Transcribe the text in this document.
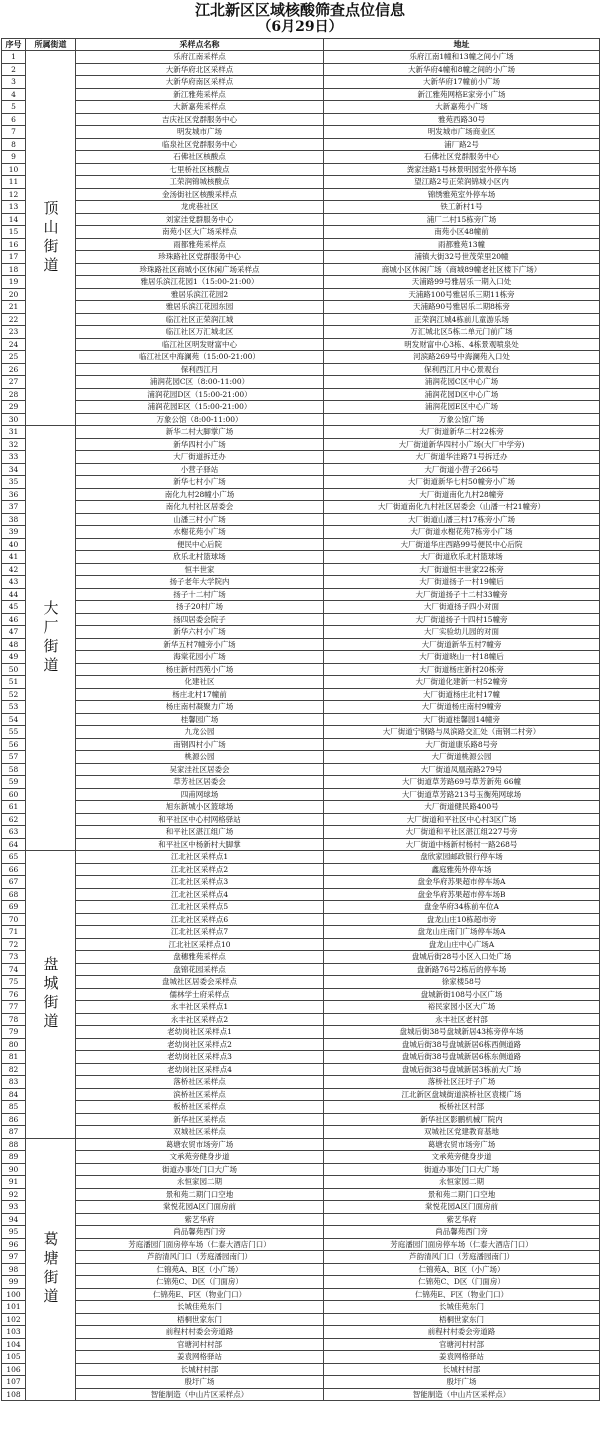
江北新区区域核酸筛查点位信息
（6月29日）
序号	所属街道	采样点名称	地址
1	顶山街道	乐府江南采样点	乐府江南1幢和13幢之间小广场
2		大新华府北区采样点	大新华府4幢和8幢之间的小广场
3		大新华府南区采样点	大新华府17幢前小广场
4		新江雅苑采样点	新江雅苑网格E家旁小广场
5		大新嘉苑采样点	大新嘉苑小广场
6		吉庆社区党群服务中心	雅苑西路30号
7		明发城市广场	明发城市广场商业区
8		临泉社区党群服务中心	浦厂路2号
9		石佛社区核酸点	石佛社区党群服务中心
10		七里桥社区核酸点	粪家洼路1号林景明园室外停车场
11		工荣润锦城核酸点	望江路2号正荣润锦城小区内
12		金汤街社区核酸采样点	锦绣雅苑室外停车场
13		龙虎巷社区	铁工新村1号
14		刘家洼党群服务中心	浦厂二村15栋旁广场
15		南苑小区大广场采样点	南苑小区48幢前
16		雨都雅苑采样点	雨都雅苑13幢
17		珍珠路社区党群服务中心	浦镇大街32号世茂荣里20幢
18		珍珠路社区商城小区休闲广场采样点	商城小区休闲广场（商城89幢老社区楼下广场）
19		雅居乐滨江花园1（15:00-21:00）	天浦路99号雅居乐一期入口处
20		雅居乐滨江花园2	天浦路100号雅居乐三期11栋旁
21		雅居乐滨江花园东园	天浦路90号雅居乐二期8栋旁
22		临江社区正荣润江城	正荣润江城4栋前儿童游乐场
23		临江社区万汇城北区	万汇城北区5栋二单元门前广场
24		临江社区明发财富中心	明发财富中心3栋、4栋景观喷泉处
25		临江社区中海澜苑（15:00-21:00）	河滨路269号中海澜苑入口处
26		保利西江月	保利西江月中心景观台
27		浦润花园C区（8:00-11:00）	浦润花园C区中心广场
28		浦润花园D区（15:00-21:00）	浦润花园D区中心广场
29		浦润花园E区（15:00-21:00）	浦润花园E区中心广场
30		万象公馆（8:00-11:00）	万象公馆广场
31	大厂街道	新华二村大脚掌广场	大厂街道新华二村22栋旁
32		新华四村小广场	大厂街道新华四村小广场(大厂中学旁)
33		大厂街道拆迁办	大厂街道华洼路71号拆迁办
34		小营子驿站	大厂街道小营子266号
35		新华七村小广场	大厂街道新华七村50幢旁小广场
36		南化九村28幢小广场	大厂街道南化九村28幢旁
37		南化九村社区居委会	大厂街道南化九村社区居委会（山潘一村21幢旁）
38		山潘三村小广场	大厂街道山潘三村17栋旁小广场
39		水榭花苑小广场	大厂街道水榭花苑7栋旁小广场
40		便民中心后院	大厂街道华庄西路99号便民中心后院
41		欣乐北村篮球场	大厂街道欣乐北村篮球场
42		恒丰世家	大厂街道恒丰世家22栋旁
43		扬子老年大学院内	大厂街道扬子一村19幢后
44		扬子十二村广场	大厂街道扬子十二村33幢旁
45		扬子20村广场	大厂街道扬子四小对面
46		扬四居委会院子	大厂街道扬子十四村15幢旁
47		新华六村小广场	大厂实验幼儿园的对面
48		新华五村7幢旁小广场	大厂街道新华五村7幢旁
49		海棠花园小广场	大厂街道晓山一村18幢后
50		杨庄新村西苑小广场	大厂街道杨庄新村20栋旁
51		化建社区	大厂街道化建新一村52幢旁
52		杨庄北村17幢前	大厂街道杨庄北村17幢
53		杨庄南村凝聚力广场	大厂街道杨庄南村9幢旁
54		桂馨园广场	大厂街道桂馨园14幢旁
55		九龙公园	大厂街道宁钢路与凤滨路交汇处（南钢二村旁）
56		南钢四村小广场	大厂街道康乐路8号旁
57		桃源公园	大厂街道桃源公园
58		吴家洼社区居委会	大厂街道凤凰南路279号
59		草芳社区居委会	大厂街道草芳路69号草芳新苑 66幢
60		四甫网球场	大厂街道草芳路213号玉衡苑网球场
61		旭东新城小区篮球场	大厂街道健民路400号
62		和平社区中心村网格驿站	大厂街道和平社区中心村3区广场
63		和平社区湛江组广场	大厂街道和平社区湛江组227号旁
64		和平社区中杨新村大脚掌	大厂街道中杨新村杨村一路268号
65	盘城街道	江北社区采样点1	盘欣家园邮政银行停车场
66		江北社区采样点2	鑫庭雅苑外停车场
67		江北社区采样点3	盘金华府苏果超市停车场A
68		江北社区采样点4	盘金华府苏果超市停车场B
69		江北社区采样点5	盘金华府34栋前车位A
70		江北社区采样点6	盘龙山庄10栋超市旁
71		江北社区采样点7	盘龙山庄南门广场停车场A
72		江北社区采样点10	盘龙山庄中心广场A
73		盘穗雅苑采样点	盘城后街28号小区入口处广场
74		盘锦花园采样点	盘新路76号2栋后的停车场
75		盘城社区居委会采样点	徐家楼58号
76		儒林学士府采样点	盘城新街108号小区广场
77		永丰社区采样点1	裕民家园小区大广场
78		永丰社区采样点2	永丰社区老村部
79		老幼岗社区采样点1	盘城后街38号盘城新居43栋旁停车场
80		老幼岗社区采样点2	盘城后街38号盘城新居6栋西侧道路
81		老幼岗社区采样点3	盘城后街38号盘城新居6栋东侧道路
82		老幼岗社区采样点4	盘城后街38号盘城新居3栋前大广场
83		落桥社区采样点	落桥社区汪圩子广场
84		滨桥社区采样点	江北新区盘城街道滨桥社区袁楼广场
85		板桥社区采样点	板桥社区村部
86		新华社区采样点	新华社区影鹏机械厂院内
87		双城社区采样点	双城社区党建教育基地
88	葛塘街道	葛塘农贸市场旁广场	葛塘农贸市场旁广场
89		文承苑旁健身步道	文承苑旁健身步道
90		街道办事处门口大广场	街道办事处门口大广场
91		永恒家园二期	永恒家园二期
92		景和苑二期门口空地	景和苑二期门口空地
93		棠悦花园A区门面房前	棠悦花园A区门面房前
94		紫艺华府	紫艺华府
95		尚品馨苑西门旁	尚品馨苑西门旁
96		芳庭潘园门面房停车场（仁泰大酒店门口）	芳庭潘园门面房停车场（仁泰大酒店门口）
97		芦韵清风门口（芳庭潘园南门）	芦韵清风门口（芳庭潘园南门）
98		仁锦苑A、B区（小广场）	仁锦苑A、B区（小广场）
99		仁锦苑C、D区（门面房）	仁锦苑C、D区（门面房）
100		仁锦苑E、F区（物业门口）	仁锦苑E、F区（物业门口）
101		长城佳苑东门	长城佳苑东门
102		梧桐世家东门	梧桐世家东门
103		前程村村委会旁道路	前程村村委会旁道路
104		官塘河村村部	官塘河村村部
105		姜袁网格驿站	姜袁网格驿站
106		长城村村部	长城村村部
107		殷圩广场	殷圩广场
108		智能制造（中山片区采样点）	智能制造（中山片区采样点）
